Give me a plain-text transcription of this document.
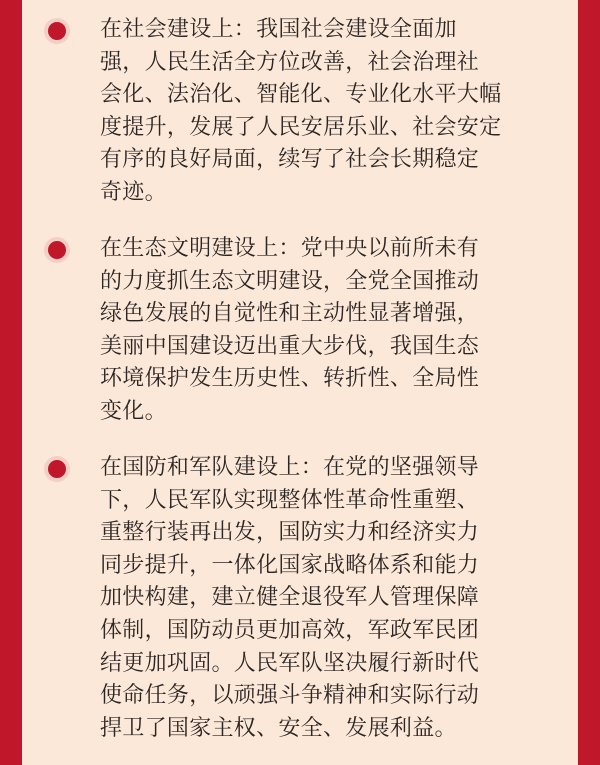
在社会建设上：我国社会建设全面加
强，人民生活全方位改善，社会治理社
会化、法治化、智能化、专业化水平大幅
度提升，发展了人民安居乐业、社会安定
有序的良好局面，续写了社会长期稳定
奇迹。

在生态文明建设上：党中央以前所未有
的力度抓生态文明建设，全党全国推动
绿色发展的自觉性和主动性显著增强，
美丽中国建设迈出重大步伐，我国生态
环境保护发生历史性、转折性、全局性
变化。

在国防和军队建设上：在党的坚强领导
下，人民军队实现整体性革命性重塑、
重整行装再出发，国防实力和经济实力
同步提升，一体化国家战略体系和能力
加快构建，建立健全退役军人管理保障
体制，国防动员更加高效，军政军民团
结更加巩固。人民军队坚决履行新时代
使命任务，以顽强斗争精神和实际行动
捍卫了国家主权、安全、发展利益。
